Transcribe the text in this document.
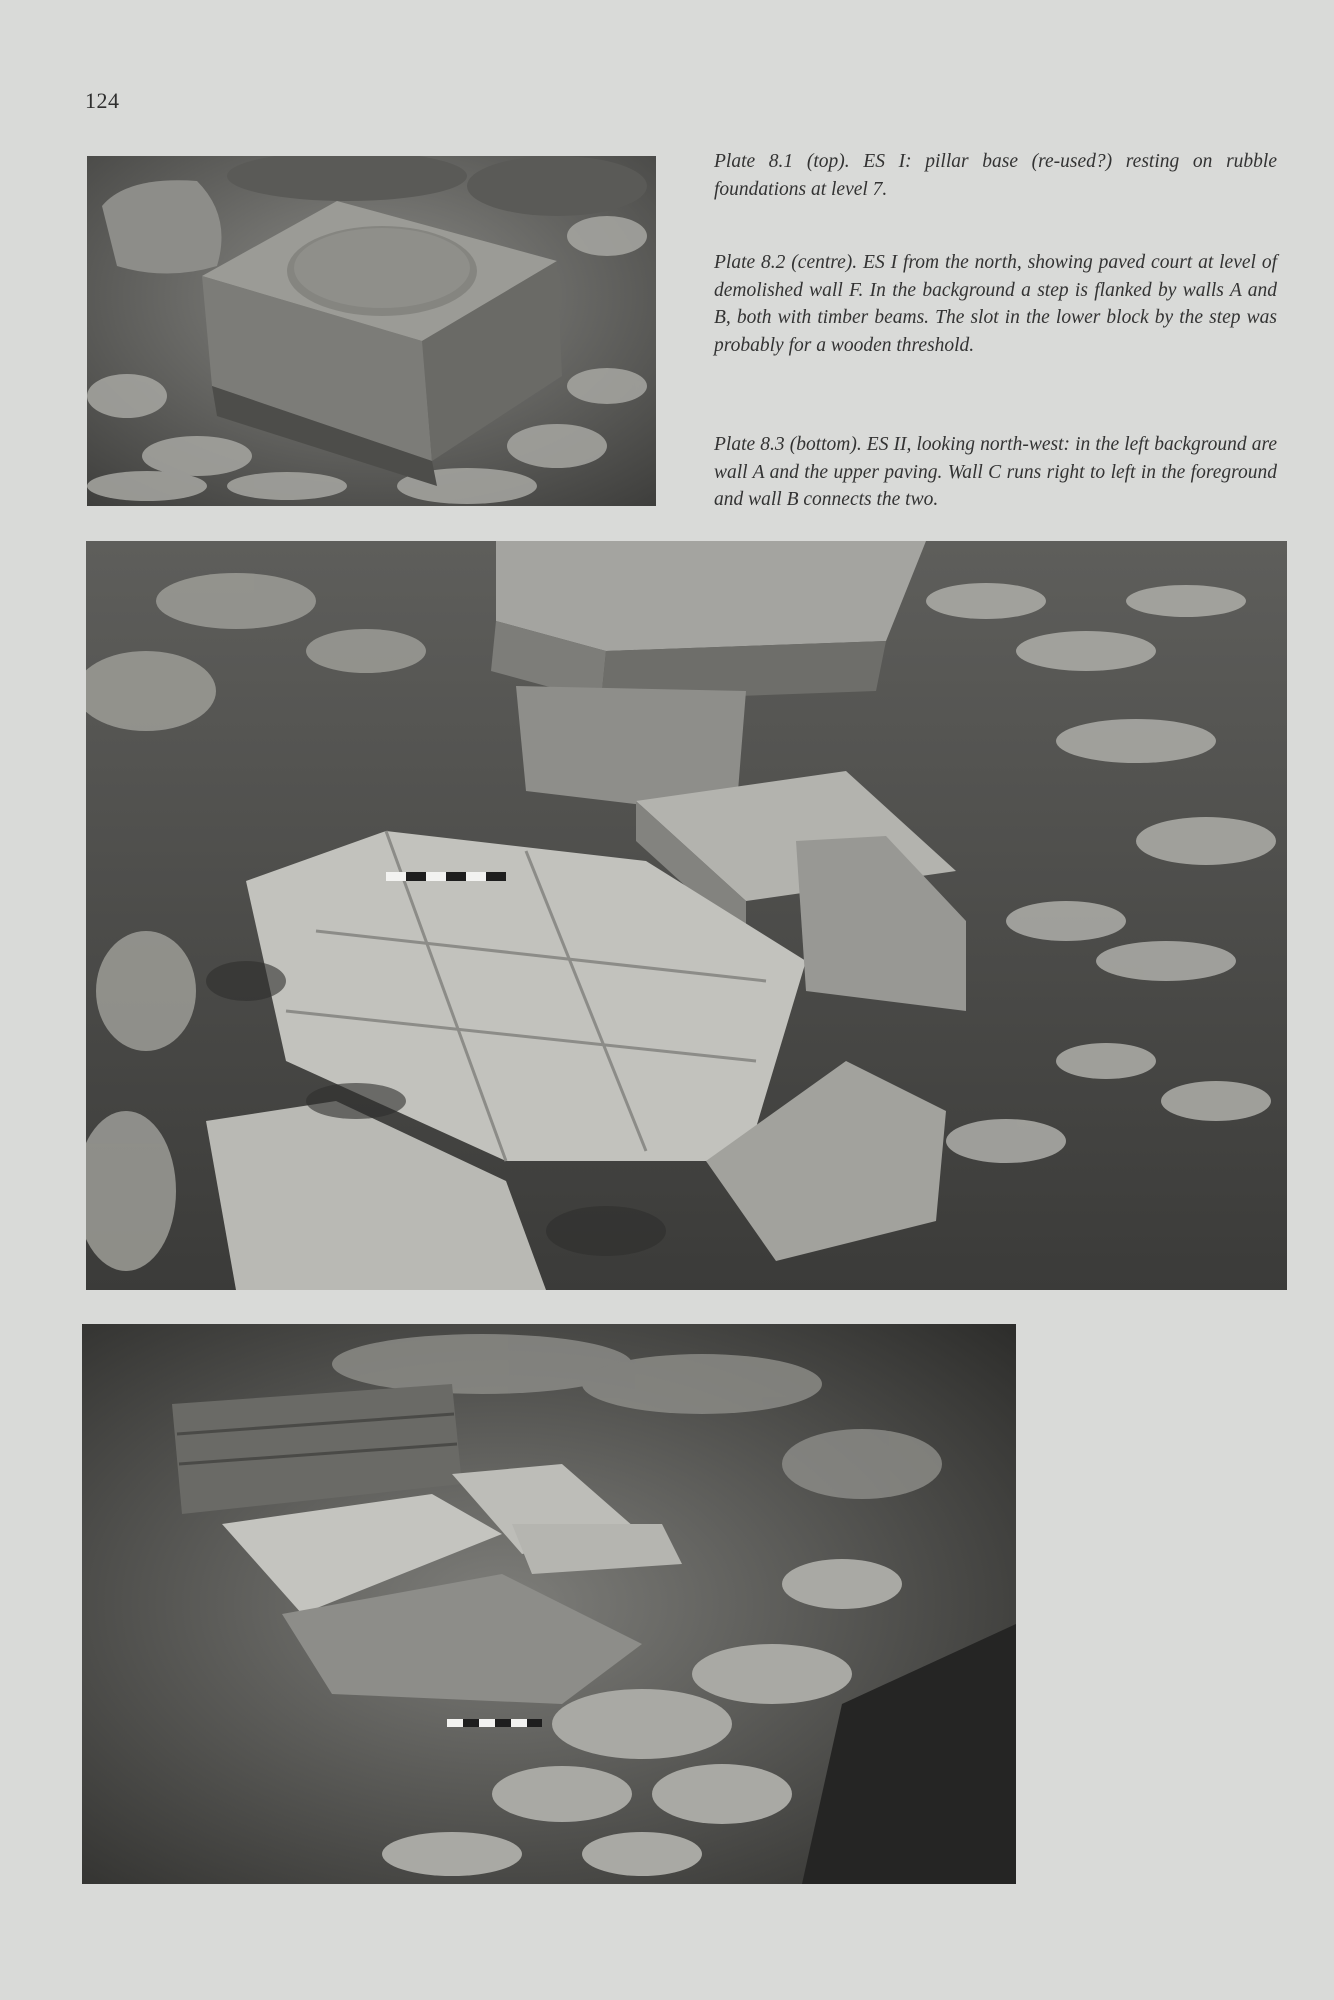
124
Plate 8.1 (top). ES I: pillar base (re-used?) resting on rubble foundations at level 7.
Plate 8.2 (centre). ES I from the north, showing paved court at level of demolished wall F. In the background a step is flanked by walls A and B, both with timber beams. The slot in the lower block by the step was probably for a wooden threshold.
Plate 8.3 (bottom). ES II, looking north-west: in the left background are wall A and the upper paving. Wall C runs right to left in the foreground and wall B connects the two.
